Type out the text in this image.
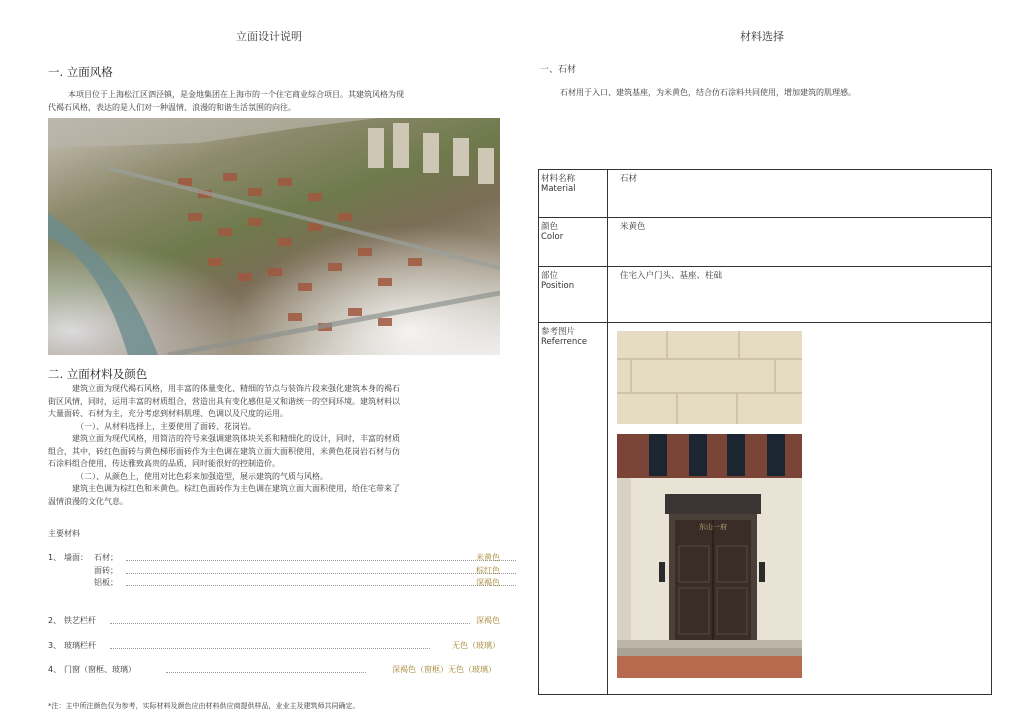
立面设计说明
一. 立面风格
本项目位于上海松江区泗泾镇，是金地集团在上海市的一个住宅商业综合项目。其建筑风格为现
代褐石风格，表达的是人们对一种温情、浪漫的和谐生活氛围的向往。
二. 立面材料及颜色
建筑立面为现代褐石风格，用丰富的体量变化、精细的节点与装饰片段来强化建筑本身的褐石
街区风情，同时，运用丰富的材质组合，营造出具有变化感但是又和谐统一的空间环境。建筑材料以
大量面砖、石材为主，充分考虑到材料肌理、色调以及尺度的运用。
（一）、从材料选择上，主要使用了面砖、花岗岩。
建筑立面为现代风格，用简洁的符号来强调建筑体块关系和精细化的设计，同时，丰富的材质
组合，其中，砖红色面砖与黄色梯形面砖作为主色调在建筑立面大面积使用，米黄色花岗岩石材与仿
石涂料组合使用，传达雅致高贵的品质，同时能很好的控制造价。
（二）、从颜色上，使用对比色彩来加强造型，展示建筑的气质与风格。
建筑主色调为棕红色和米黄色。棕红色面砖作为主色调在建筑立面大面积使用，给住宅带来了
温情浪漫的文化气息。
主要材料
1、 墙面： 石材；	米黄色
面砖；	棕红色
铝板；	深褐色
2、 铁艺栏杆	深褐色
3、 玻璃栏杆	无色（玻璃）
4、 门窗（窗框、玻璃）	深褐色（窗框）无色（玻璃）
*注：主中所注颜色仅为参考，实际材料及颜色应由材料供应商提供样品，业业主及建筑师共同确定。
材料选择
一、石材
石材用于入口、建筑基座，为米黄色，结合仿石涂料共同使用，增加建筑的肌理感。
材料名称
Material	石材

颜色
Color	米黄色

部位
Position	住宅入户门头、基座、柱础

参考图片
Referrence	

东山一府
